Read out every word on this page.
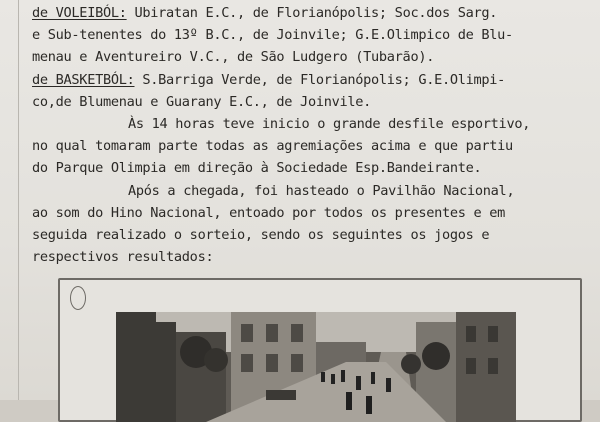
de VOLEIBÓL: Ubiratan E.C., de Florianópolis; Soc.dos Sarg.
e Sub-tenentes do 13º B.C., de Joinvile; G.E.Olimpico de Blu-
menau e Aventureiro V.C., de São Ludgero (Tubarão).
de BASKETBÓL: S.Barriga Verde, de Florianópolis; G.E.Olimpi-
co,de Blumenau e Guarany E.C., de Joinvile.
Às 14 horas teve inicio o grande desfile esportivo,
no qual tomaram parte todas as agremiações acima e que partiu
do Parque Olimpia em direção à Sociedade Esp.Bandeirante.
Após a chegada, foi hasteado o Pavilhão Nacional,
ao som do Hino Nacional, entoado por todos os presentes e em
seguida realizado o sorteio, sendo os seguintes os jogos e
respectivos resultados:
